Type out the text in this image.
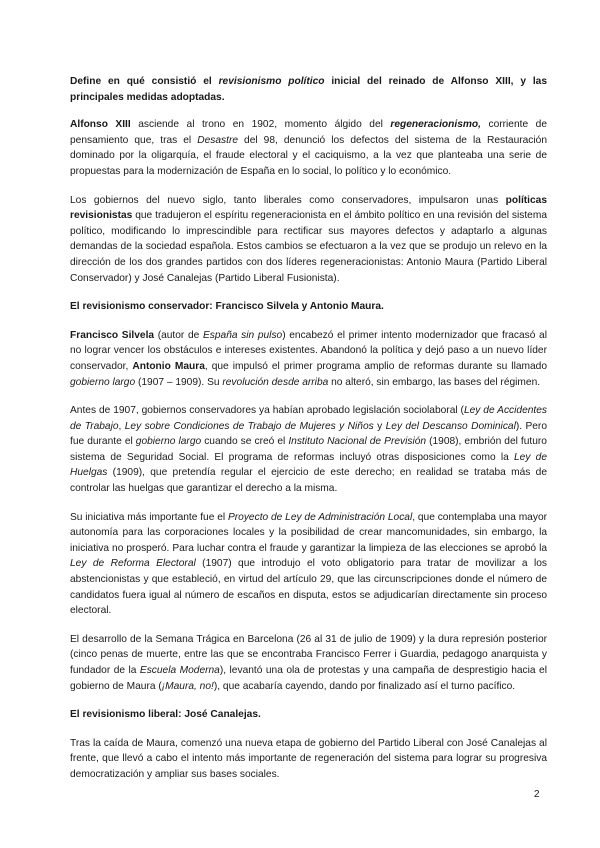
Define en qué consistió el revisionismo político inicial del reinado de Alfonso XIII, y las principales medidas adoptadas.

Alfonso XIII asciende al trono en 1902, momento álgido del regeneracionismo, corriente de pensamiento que, tras el Desastre del 98, denunció los defectos del sistema de la Restauración dominado por la oligarquía, el fraude electoral y el caciquismo, a la vez que planteaba una serie de propuestas para la modernización de España en lo social, lo político y lo económico.

Los gobiernos del nuevo siglo, tanto liberales como conservadores, impulsaron unas políticas revisionistas que tradujeron el espíritu regeneracionista en el ámbito político en una revisión del sistema político, modificando lo imprescindible para rectificar sus mayores defectos y adaptarlo a algunas demandas de la sociedad española. Estos cambios se efectuaron a la vez que se produjo un relevo en la dirección de los dos grandes partidos con dos líderes regeneracionistas: Antonio Maura (Partido Liberal Conservador) y José Canalejas (Partido Liberal Fusionista).

El revisionismo conservador: Francisco Silvela y Antonio Maura.

Francisco Silvela (autor de España sin pulso) encabezó el primer intento modernizador que fracasó al no lograr vencer los obstáculos e intereses existentes. Abandonó la política y dejó paso a un nuevo líder conservador, Antonio Maura, que impulsó el primer programa amplio de reformas durante su llamado gobierno largo (1907 – 1909). Su revolución desde arriba no alteró, sin embargo, las bases del régimen.

Antes de 1907, gobiernos conservadores ya habían aprobado legislación sociolaboral (Ley de Accidentes de Trabajo, Ley sobre Condiciones de Trabajo de Mujeres y Niños y Ley del Descanso Dominical). Pero fue durante el gobierno largo cuando se creó el Instituto Nacional de Previsión (1908), embrión del futuro sistema de Seguridad Social. El programa de reformas incluyó otras disposiciones como la Ley de Huelgas (1909), que pretendía regular el ejercicio de este derecho; en realidad se trataba más de controlar las huelgas que garantizar el derecho a la misma.

Su iniciativa más importante fue el Proyecto de Ley de Administración Local, que contemplaba una mayor autonomía para las corporaciones locales y la posibilidad de crear mancomunidades, sin embargo, la iniciativa no prosperó. Para luchar contra el fraude y garantizar la limpieza de las elecciones se aprobó la Ley de Reforma Electoral (1907) que introdujo el voto obligatorio para tratar de movilizar a los abstencionistas y que estableció, en virtud del artículo 29, que las circunscripciones donde el número de candidatos fuera igual al número de escaños en disputa, estos se adjudicarían directamente sin proceso electoral.

El desarrollo de la Semana Trágica en Barcelona (26 al 31 de julio de 1909) y la dura represión posterior (cinco penas de muerte, entre las que se encontraba Francisco Ferrer i Guardia, pedagogo anarquista y fundador de la Escuela Moderna), levantó una ola de protestas y una campaña de desprestigio hacia el gobierno de Maura (¡Maura, no!), que acabaría cayendo, dando por finalizado así el turno pacífico.

El revisionismo liberal: José Canalejas.

Tras la caída de Maura, comenzó una nueva etapa de gobierno del Partido Liberal con José Canalejas al frente, que llevó a cabo el intento más importante de regeneración del sistema para lograr su progresiva democratización y ampliar sus bases sociales.

2
